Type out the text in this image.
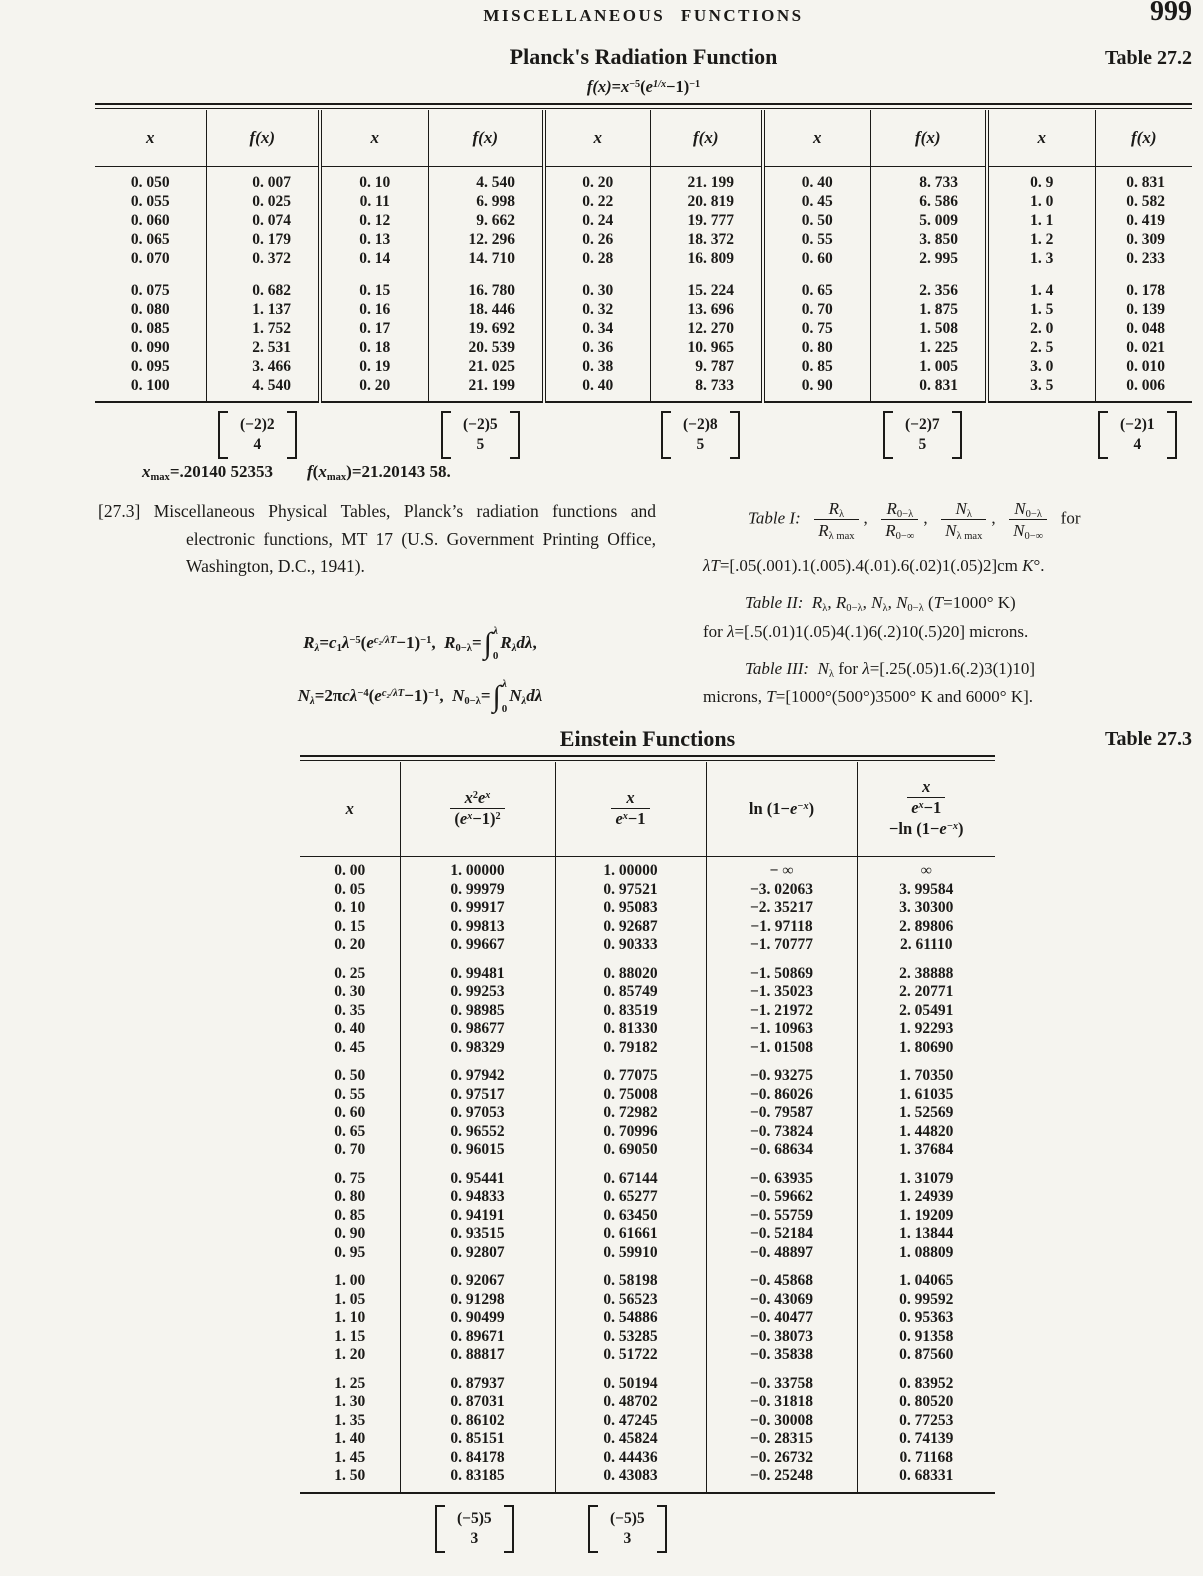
MISCELLANEOUS FUNCTIONS	999
Planck's Radiation Function	Table 27.2
$f(x)=x^{-5}(e^{1/x}-1)^{-1}$
x	f(x)	x	f(x)	x	f(x)	x	f(x)	x	f(x)
0. 050	0. 007	0. 10	4. 540	0. 20	21. 199	0. 40	8. 733	0. 9	0. 831
0. 055	0. 025	0. 11	6. 998	0. 22	20. 819	0. 45	6. 586	1. 0	0. 582
0. 060	0. 074	0. 12	9. 662	0. 24	19. 777	0. 50	5. 009	1. 1	0. 419
0. 065	0. 179	0. 13	12. 296	0. 26	18. 372	0. 55	3. 850	1. 2	0. 309
0. 070	0. 372	0. 14	14. 710	0. 28	16. 809	0. 60	2. 995	1. 3	0. 233

0. 075	0. 682	0. 15	16. 780	0. 30	15. 224	0. 65	2. 356	1. 4	0. 178
0. 080	1. 137	0. 16	18. 446	0. 32	13. 696	0. 70	1. 875	1. 5	0. 139
0. 085	1. 752	0. 17	19. 692	0. 34	12. 270	0. 75	1. 508	2. 0	0. 048
0. 090	2. 531	0. 18	20. 539	0. 36	10. 965	0. 80	1. 225	2. 5	0. 021
0. 095	3. 466	0. 19	21. 025	0. 38	9. 787	0. 85	1. 005	3. 0	0. 010
0. 100	4. 540	0. 20	21. 199	0. 40	8. 733	0. 90	0. 831	3. 5	0. 006
(−2)2
4
(−2)5
5
(−2)8
5
(−2)7
5
(−2)1
4
$x_{max}=.20140$ 52353   $f(x_{max})=21.20143$ 58.
[27.3] Miscellaneous Physical Tables, Planck’s radiation functions and electronic functions, MT 17 (U.S. Government Printing Office, Washington, D.C., 1941).
$R_\lambda=c_1\lambda^{-5}(e^{c_2/\lambda T}-1)^{-1}$, $R_{0-\lambda}=$ ∫ λ
0
$R_\lambda d\lambda$,
$N_\lambda=2\pi c\lambda^{-4}(e^{c_2/\lambda T}-1)^{-1}$, $N_{0-\lambda}=$ ∫ λ
0
$N_\lambda d\lambda$
Table I:  $\frac{R_\lambda}{R_{\lambda max}}$ ,  $\frac{R_{0-\lambda}}{R_{0-\infty}}$ ,  $\frac{N_\lambda}{N_{\lambda max}}$ ,  $\frac{N_{0-\lambda}}{N_{0-\infty}}$  for
λT=[.05(.001).1(.005).4(.01).6(.02)1(.05)2]cm K°.
Table II:  $R_\lambda$, $R_{0-\lambda}$, $N_\lambda$, $N_{0-\lambda}$ (T=1000° K)
for λ=[.5(.01)1(.05)4(.1)6(.2)10(.5)20] microns.
Table III:  $N_\lambda$ for λ=[.25(.05)1.6(.2)3(1)10]
microns, T=[1000°(500°)3500° K and 6000° K].
Einstein Functions	Table 27.3
x	$\frac{x^2e^x}{(e^x-1)^2}$	$\frac{x}{e^x-1}$	$\ln (1-e^{-x})$	$\frac{x}{e^x-1}$

−ln $(1-e^{-x})$
0. 00	1. 00000	1. 00000	− ∞	∞
0. 05	0. 99979	0. 97521	−3. 02063	3. 99584
0. 10	0. 99917	0. 95083	−2. 35217	3. 30300
0. 15	0. 99813	0. 92687	−1. 97118	2. 89806
0. 20	0. 99667	0. 90333	−1. 70777	2. 61110

0. 25	0. 99481	0. 88020	−1. 50869	2. 38888
0. 30	0. 99253	0. 85749	−1. 35023	2. 20771
0. 35	0. 98985	0. 83519	−1. 21972	2. 05491
0. 40	0. 98677	0. 81330	−1. 10963	1. 92293
0. 45	0. 98329	0. 79182	−1. 01508	1. 80690

0. 50	0. 97942	0. 77075	−0. 93275	1. 70350
0. 55	0. 97517	0. 75008	−0. 86026	1. 61035
0. 60	0. 97053	0. 72982	−0. 79587	1. 52569
0. 65	0. 96552	0. 70996	−0. 73824	1. 44820
0. 70	0. 96015	0. 69050	−0. 68634	1. 37684

0. 75	0. 95441	0. 67144	−0. 63935	1. 31079
0. 80	0. 94833	0. 65277	−0. 59662	1. 24939
0. 85	0. 94191	0. 63450	−0. 55759	1. 19209
0. 90	0. 93515	0. 61661	−0. 52184	1. 13844
0. 95	0. 92807	0. 59910	−0. 48897	1. 08809

1. 00	0. 92067	0. 58198	−0. 45868	1. 04065
1. 05	0. 91298	0. 56523	−0. 43069	0. 99592
1. 10	0. 90499	0. 54886	−0. 40477	0. 95363
1. 15	0. 89671	0. 53285	−0. 38073	0. 91358
1. 20	0. 88817	0. 51722	−0. 35838	0. 87560

1. 25	0. 87937	0. 50194	−0. 33758	0. 83952
1. 30	0. 87031	0. 48702	−0. 31818	0. 80520
1. 35	0. 86102	0. 47245	−0. 30008	0. 77253
1. 40	0. 85151	0. 45824	−0. 28315	0. 74139
1. 45	0. 84178	0. 44436	−0. 26732	0. 71168
1. 50	0. 83185	0. 43083	−0. 25248	0. 68331
(−5)5
3
(−5)5
3
